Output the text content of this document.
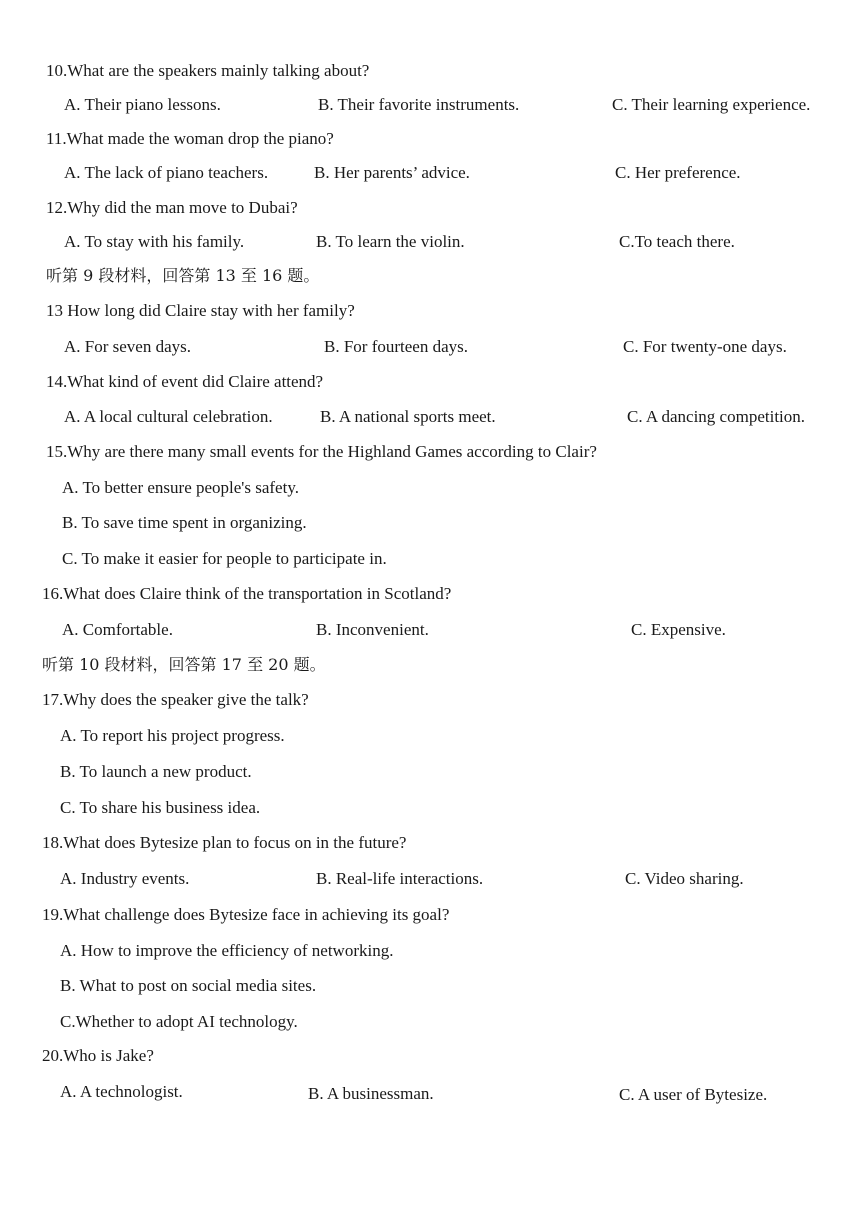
10.What are the speakers mainly talking about?
A. Their piano lessons.	B. Their favorite instruments.	C. Their learning experience.
11.What made the woman drop the piano?
A. The lack of piano teachers.	B. Her parents’ advice.	C. Her preference.
12.Why did the man move to Dubai?
A. To stay with his family.	B. To learn the violin.	C.To teach there.
听第 9 段材料，回答第 13 至 16 题。
13 How long did Claire stay with her family?
A. For seven days.	B. For fourteen days.	C. For twenty-one days.
14.What kind of event did Claire attend?
A. A local cultural celebration.	B. A national sports meet.	C. A dancing competition.
15.Why are there many small events for the Highland Games according to Clair?
A. To better ensure people's safety.
B. To save time spent in organizing.
C. To make it easier for people to participate in.
16.What does Claire think of the transportation in Scotland?
A. Comfortable.	B. Inconvenient.	C. Expensive.
听第 10 段材料，回答第 17 至 20 题。
17.Why does the speaker give the talk?
A. To report his project progress.
B. To launch a new product.
C. To share his business idea.
18.What does Bytesize plan to focus on in the future?
A. Industry events.	B. Real-life interactions.	C. Video sharing.
19.What challenge does Bytesize face in achieving its goal?
A. How to improve the efficiency of networking.
B. What to post on social media sites.
C.Whether to adopt AI technology.
20.Who is Jake?
A. A technologist.	B. A businessman.	C. A user of Bytesize.
